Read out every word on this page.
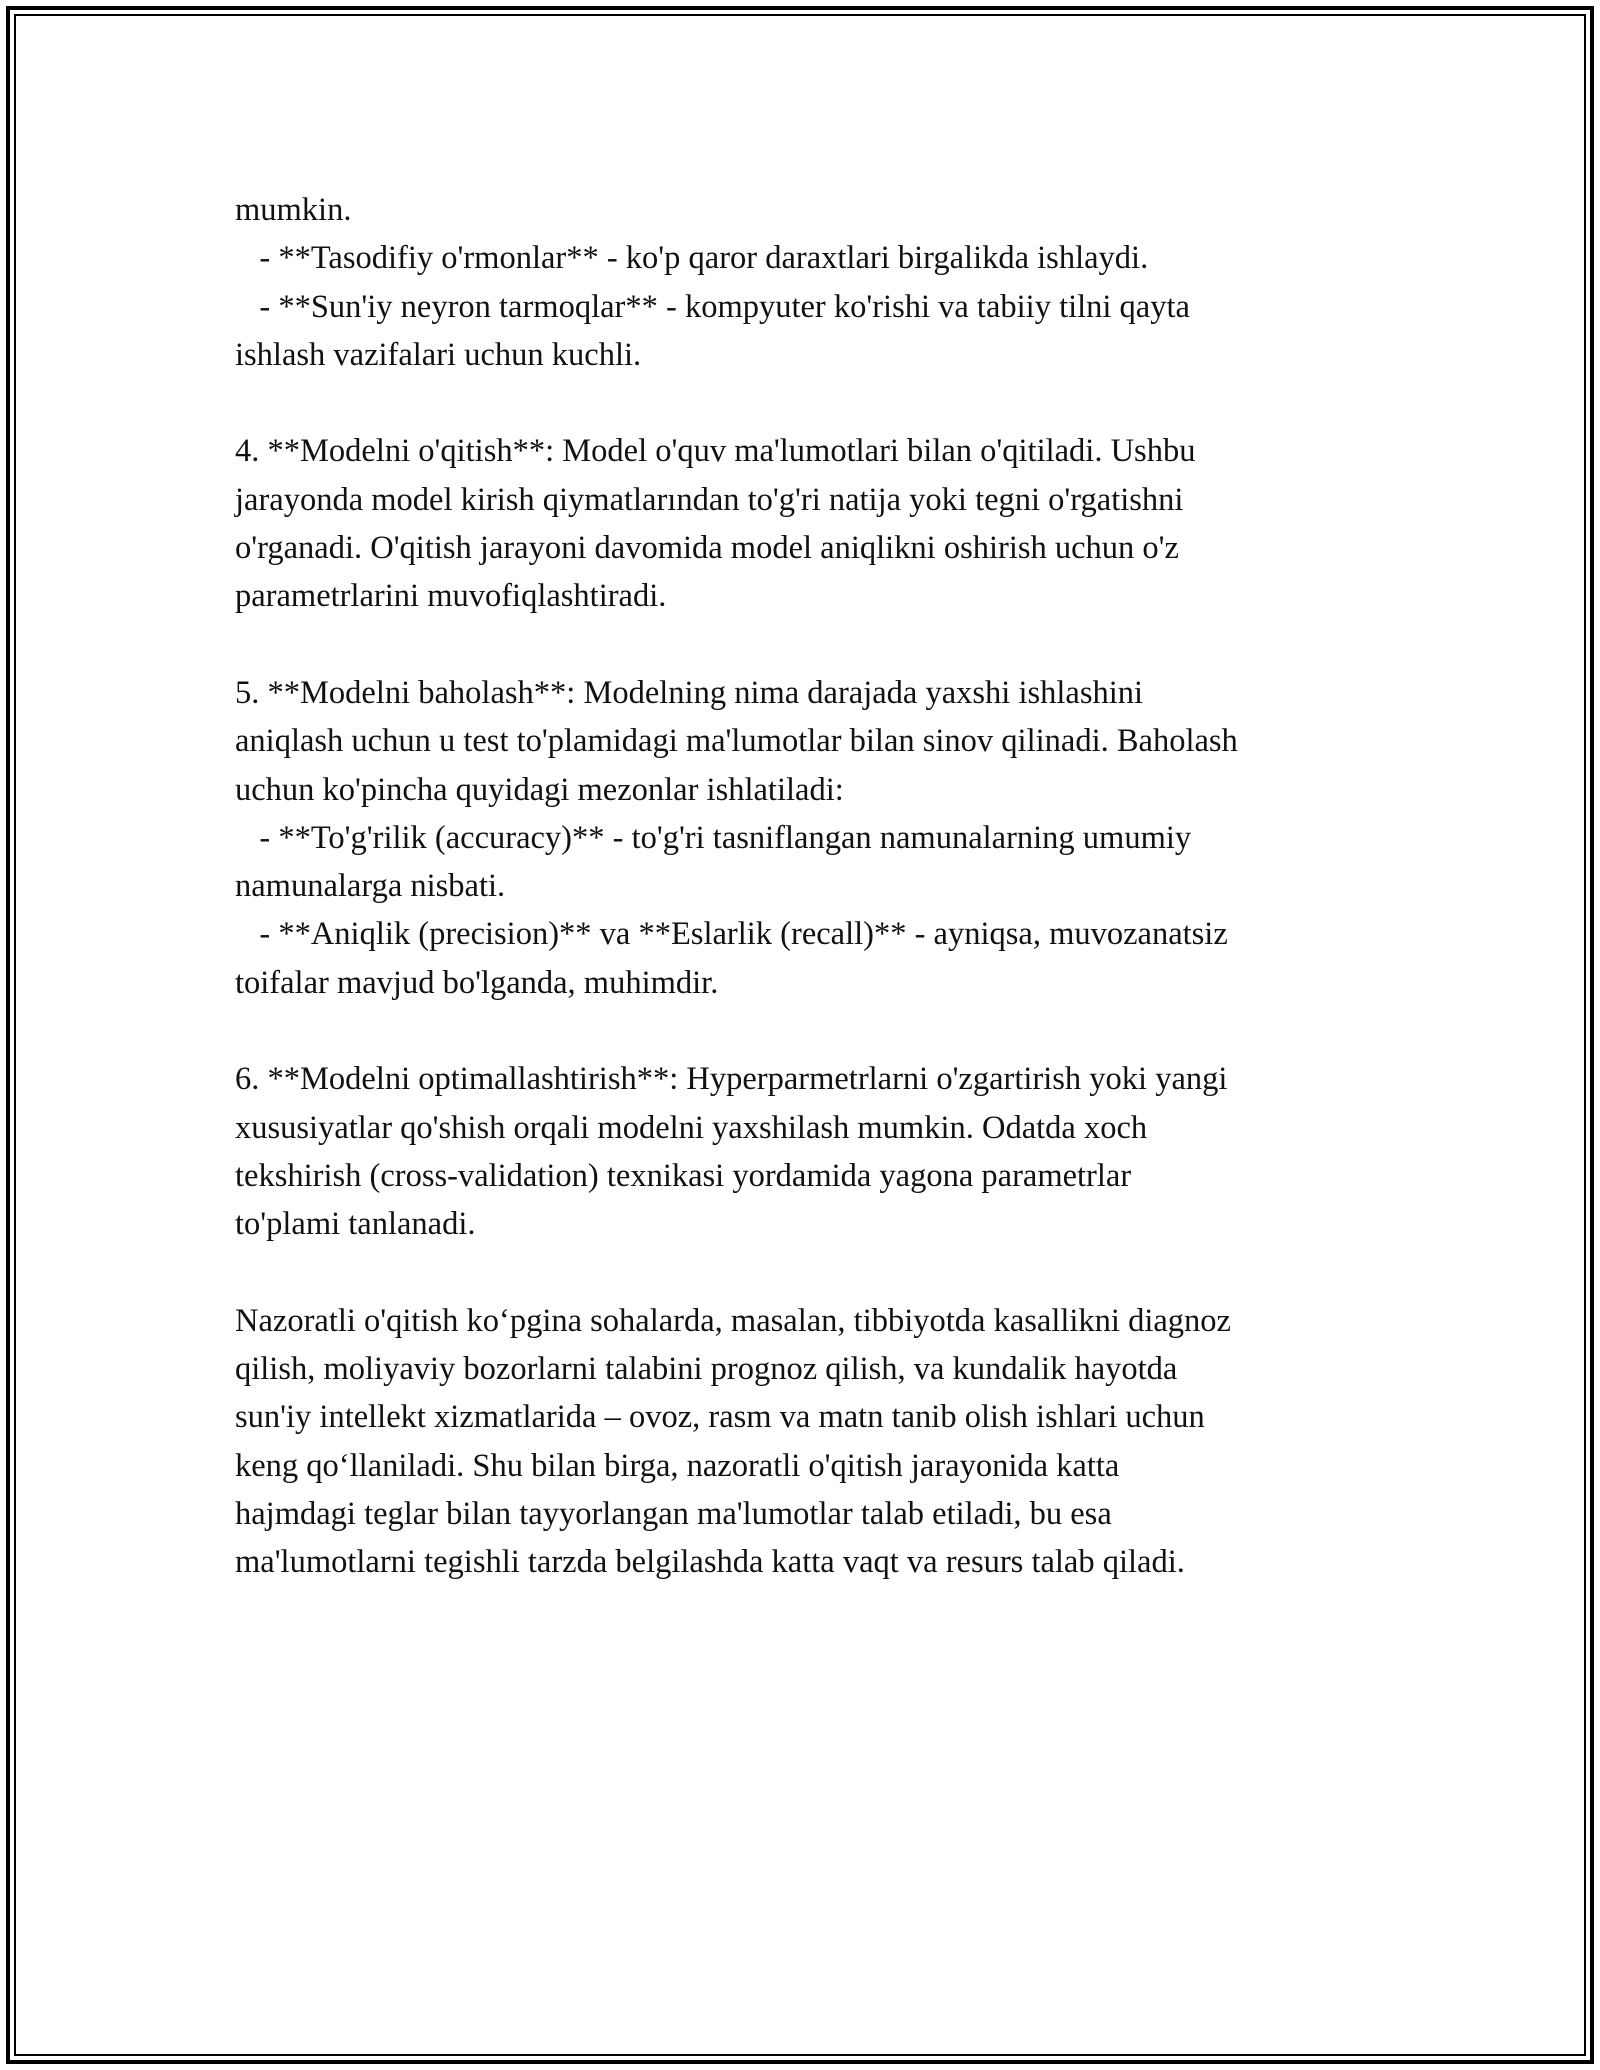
mumkin.
- **Tasodifiy o'rmonlar** - ko'p qaror daraxtlari birgalikda ishlaydi.
- **Sun'iy neyron tarmoqlar** - kompyuter ko'rishi va tabiiy tilni qayta
ishlash vazifalari uchun kuchli.
4. **Modelni o'qitish**: Model o'quv ma'lumotlari bilan o'qitiladi. Ushbu
jarayonda model kirish qiymatlarından to'g'ri natija yoki tegni o'rgatishni
o'rganadi. O'qitish jarayoni davomida model aniqlikni oshirish uchun o'z
parametrlarini muvofiqlashtiradi.
5. **Modelni baholash**: Modelning nima darajada yaxshi ishlashini
aniqlash uchun u test to'plamidagi ma'lumotlar bilan sinov qilinadi. Baholash
uchun ko'pincha quyidagi mezonlar ishlatiladi:
- **To'g'rilik (accuracy)** - to'g'ri tasniflangan namunalarning umumiy
namunalarga nisbati.
- **Aniqlik (precision)** va **Eslarlik (recall)** - ayniqsa, muvozanatsiz
toifalar mavjud bo'lganda, muhimdir.
6. **Modelni optimallashtirish**: Hyperparmetrlarni o'zgartirish yoki yangi
xususiyatlar qo'shish orqali modelni yaxshilash mumkin. Odatda xoch
tekshirish (cross-validation) texnikasi yordamida yagona parametrlar
to'plami tanlanadi.
Nazoratli o'qitish ko‘pgina sohalarda, masalan, tibbiyotda kasallikni diagnoz
qilish, moliyaviy bozorlarni talabini prognoz qilish, va kundalik hayotda
sun'iy intellekt xizmatlarida – ovoz, rasm va matn tanib olish ishlari uchun
keng qo‘llaniladi. Shu bilan birga, nazoratli o'qitish jarayonida katta
hajmdagi teglar bilan tayyorlangan ma'lumotlar talab etiladi, bu esa
ma'lumotlarni tegishli tarzda belgilashda katta vaqt va resurs talab qiladi.
